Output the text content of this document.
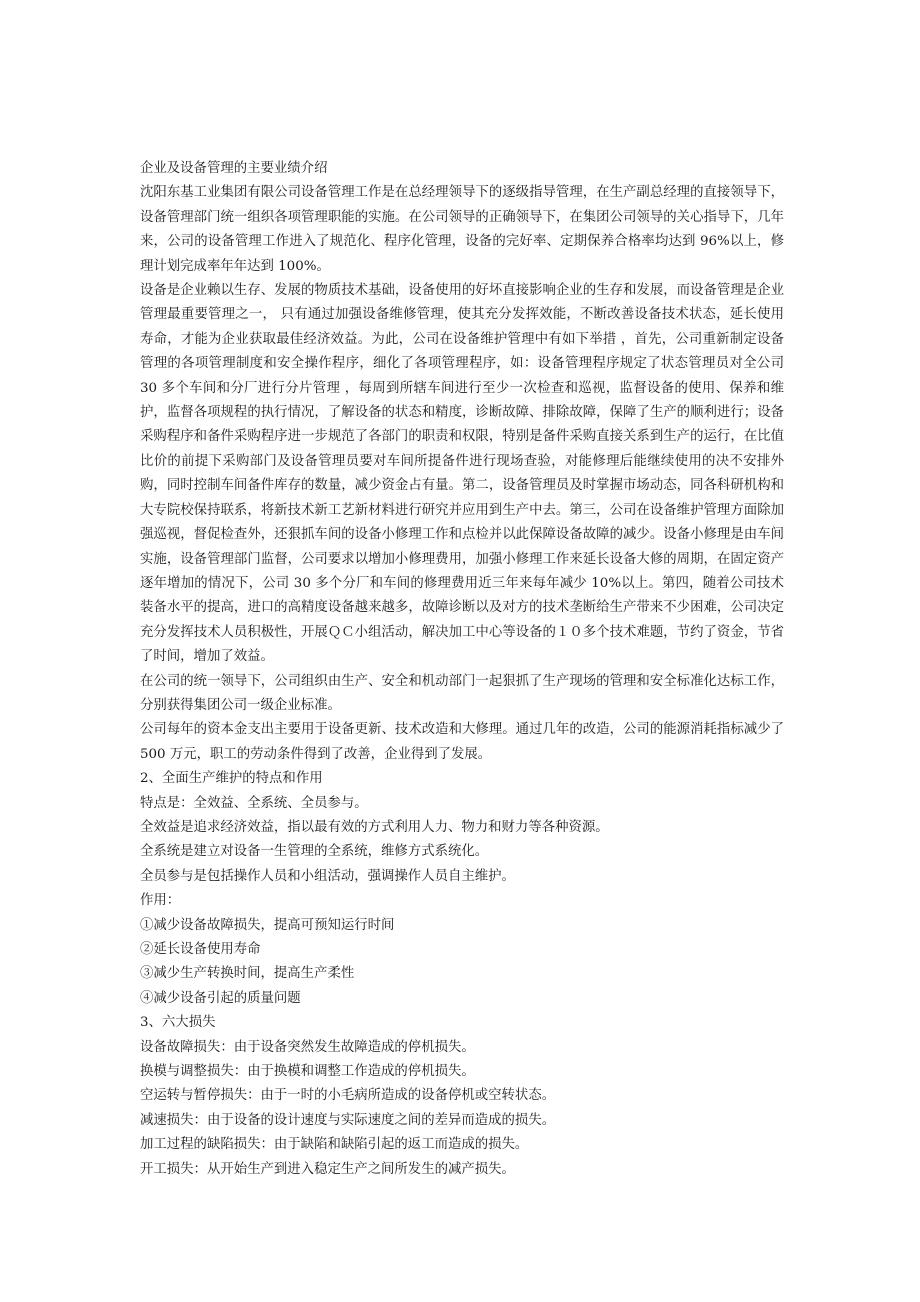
企业及设备管理的主要业绩介绍

沈阳东基工业集团有限公司设备管理工作是在总经理领导下的逐级指导管理，在生产副总经理的直接领导下，设备管理部门统一组织各项管理职能的实施。在公司领导的正确领导下，在集团公司领导的关心指导下，几年来，公司的设备管理工作进入了规范化、程序化管理，设备的完好率、定期保养合格率均达到 96%以上，修理计划完成率年年达到 100%。

设备是企业赖以生存、发展的物质技术基础，设备使用的好坏直接影响企业的生存和发展，而设备管理是企业管理最重要管理之一， 只有通过加强设备维修管理，使其充分发挥效能，不断改善设备技术状态，延长使用寿命，才能为企业获取最佳经济效益。为此，公司在设备维护管理中有如下举措 ，首先，公司重新制定设备管理的各项管理制度和安全操作程序，细化了各项管理程序，如：设备管理程序规定了状态管理员对全公司 30 多个车间和分厂进行分片管理 ，每周到所辖车间进行至少一次检查和巡视，监督设备的使用、保养和维护，监督各项规程的执行情况，了解设备的状态和精度，诊断故障、排除故障，保障了生产的顺利进行；设备采购程序和备件采购程序进一步规范了各部门的职责和权限，特别是备件采购直接关系到生产的运行，在比值比价的前提下采购部门及设备管理员要对车间所提备件进行现场查验，对能修理后能继续使用的决不安排外购，同时控制车间备件库存的数量，减少资金占有量。第二，设备管理员及时掌握市场动态，同各科研机构和大专院校保持联系，将新技术新工艺新材料进行研究并应用到生产中去。第三，公司在设备维护管理方面除加强巡视，督促检查外，还狠抓车间的设备小修理工作和点检并以此保障设备故障的减少。设备小修理是由车间实施，设备管理部门监督，公司要求以增加小修理费用，加强小修理工作来延长设备大修的周期，在固定资产逐年增加的情况下，公司 30 多个分厂和车间的修理费用近三年来每年减少 10%以上。第四，随着公司技术装备水平的提高，进口的高精度设备越来越多，故障诊断以及对方的技术垄断给生产带来不少困难，公司决定充分发挥技术人员积极性，开展ＱＣ小组活动，解决加工中心等设备的１０多个技术难题，节约了资金，节省了时间，增加了效益。

在公司的统一领导下，公司组织由生产、安全和机动部门一起狠抓了生产现场的管理和安全标准化达标工作，分别获得集团公司一级企业标准。

公司每年的资本金支出主要用于设备更新、技术改造和大修理。通过几年的改造，公司的能源消耗指标减少了 500 万元，职工的劳动条件得到了改善，企业得到了发展。

2、全面生产维护的特点和作用

特点是：全效益、全系统、全员参与。

全效益是追求经济效益，指以最有效的方式利用人力、物力和财力等各种资源。

全系统是建立对设备一生管理的全系统，维修方式系统化。

全员参与是包括操作人员和小组活动，强调操作人员自主维护。

作用：

①减少设备故障损失，提高可预知运行时间

②延长设备使用寿命

③减少生产转换时间，提高生产柔性

④减少设备引起的质量问题

3、六大损失

设备故障损失：由于设备突然发生故障造成的停机损失。

换模与调整损失：由于换模和调整工作造成的停机损失。

空运转与暂停损失：由于一时的小毛病所造成的设备停机或空转状态。

减速损失：由于设备的设计速度与实际速度之间的差异而造成的损失。

加工过程的缺陷损失：由于缺陷和缺陷引起的返工而造成的损失。

开工损失：从开始生产到进入稳定生产之间所发生的减产损失。
